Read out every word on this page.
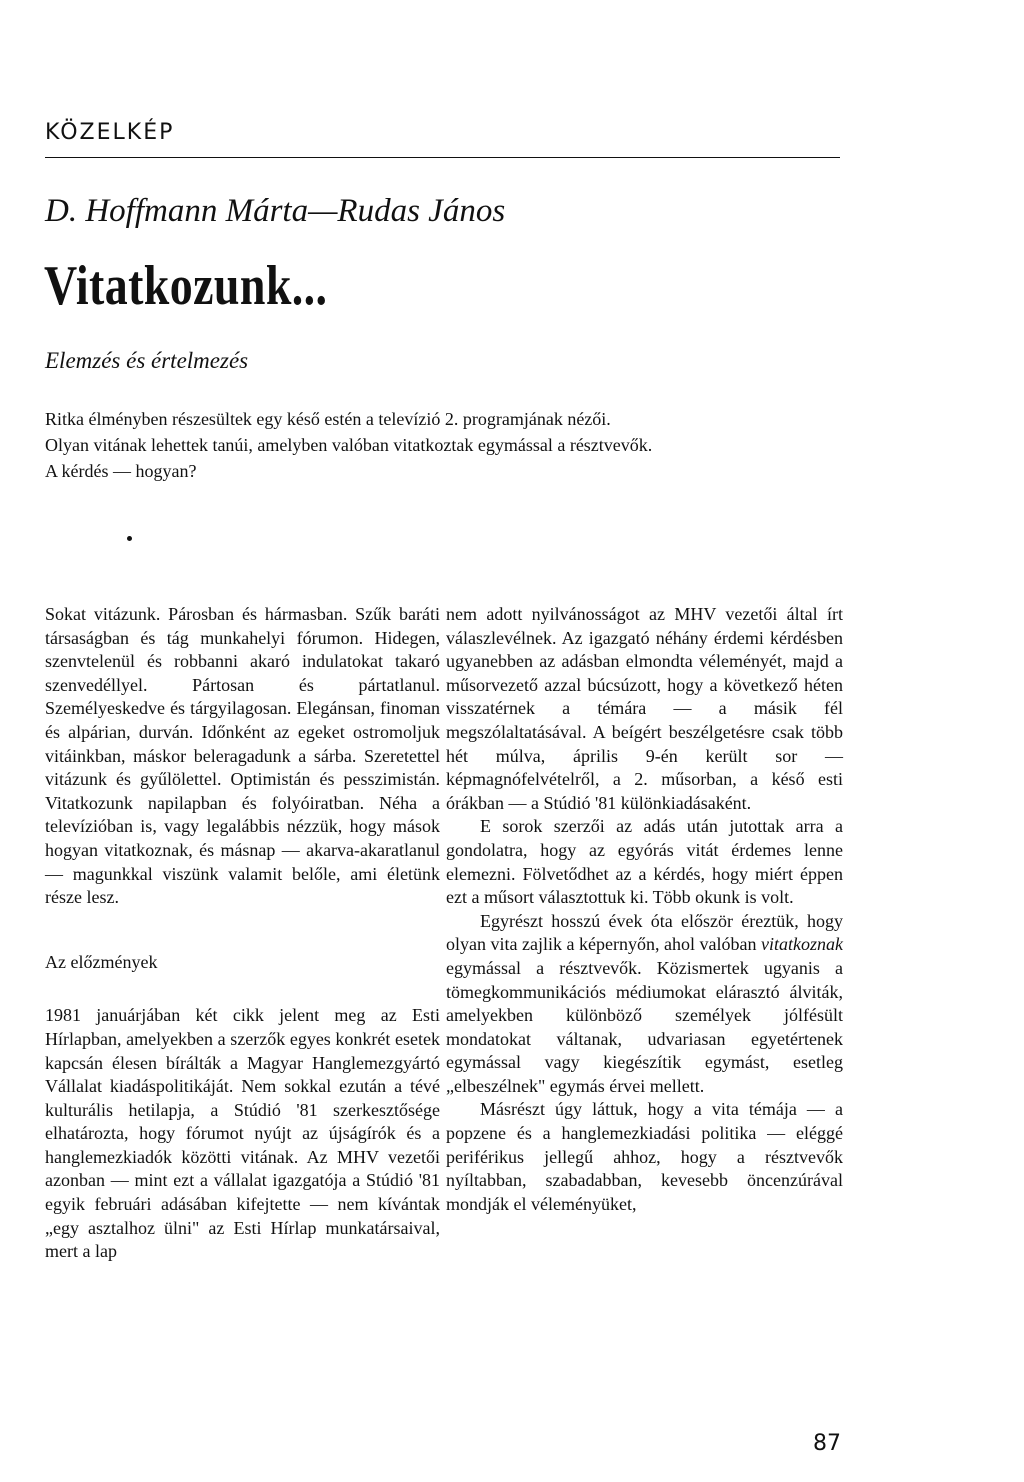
KÖZELKÉP
D. Hoffmann Márta—Rudas János
Vitatkozunk...
Elemzés és értelmezés
Ritka élményben részesültek egy késő estén a televízió 2. programjának nézői.
Olyan vitának lehettek tanúi, amelyben valóban vitatkoztak egymással a résztvevők.
A kérdés — hogyan?

Sokat vitázunk. Párosban és hármasban. Szűk baráti társaságban és tág munkahelyi fórumon. Hidegen, szenvtelenül és robbanni akaró indulatokat takaró szenvedéllyel. Pártosan és pártatlanul. Személyeskedve és tárgyilagosan. Elegánsan, finoman és alpárian, durván. Időnként az egeket ostromoljuk vitáinkban, máskor beleragadunk a sárba. Szeretettel vitázunk és gyűlölettel. Optimistán és pesszimistán. Vitatkozunk napilapban és folyóiratban. Néha a televízióban is, vagy legalábbis nézzük, hogy mások hogyan vitatkoznak, és másnap — akarva-akaratlanul — magunkkal viszünk valamit belőle, ami életünk része lesz.

Az előzmények

1981 januárjában két cikk jelent meg az Esti Hírlapban, amelyekben a szerzők egyes konkrét esetek kapcsán élesen bírálták a Magyar Hanglemezgyártó Vállalat kiadáspolitikáját. Nem sokkal ezután a tévé kulturális hetilapja, a Stúdió '81 szerkesztősége elhatározta, hogy fórumot nyújt az újságírók és a hanglemezkiadók közötti vitának. Az MHV vezetői azonban — mint ezt a vállalat igazgatója a Stúdió '81 egyik februári adásában kifejtette — nem kívántak „egy asztalhoz ülni" az Esti Hírlap munkatársaival, mert a lap

nem adott nyilvánosságot az MHV vezetői által írt válaszlevélnek. Az igazgató néhány érdemi kérdésben ugyanebben az adásban elmondta véleményét, majd a műsorvezető azzal búcsúzott, hogy a következő héten visszatérnek a témára — a másik fél megszólaltatásával. A beígért beszélgetésre csak több hét múlva, április 9-én került sor — képmagnófelvételről, a 2. műsorban, a késő esti órákban — a Stúdió '81 különkiadásaként.

E sorok szerzői az adás után jutottak arra a gondolatra, hogy az egyórás vitát érdemes lenne elemezni. Fölvetődhet az a kérdés, hogy miért éppen ezt a műsort választottuk ki. Több okunk is volt.

Egyrészt hosszú évek óta először éreztük, hogy olyan vita zajlik a képernyőn, ahol valóban vitatkoznak egymással a résztvevők. Közismertek ugyanis a tömegkommunikációs médiumokat elárasztó álviták, amelyekben különböző személyek jólfésült mondatokat váltanak, udvariasan egyetértenek egymással vagy kiegészítik egymást, esetleg „elbeszélnek" egymás érvei mellett.

Másrészt úgy láttuk, hogy a vita témája — a popzene és a hanglemezkiadási politika — eléggé periférikus jellegű ahhoz, hogy a résztvevők nyíltabban, szabadabban, kevesebb öncenzúrával mondják el véleményüket,

87
